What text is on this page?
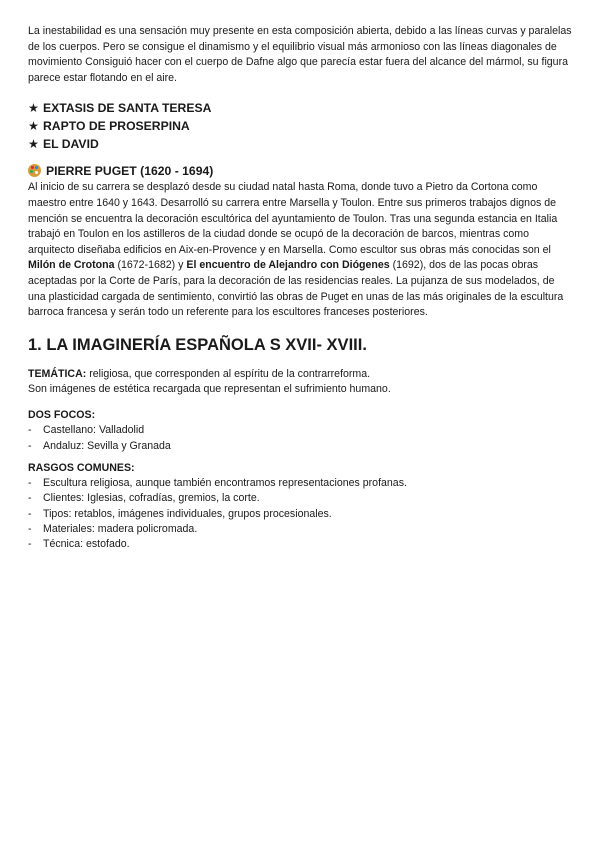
La inestabilidad es una sensación muy presente en esta composición abierta, debido a las líneas curvas y paralelas de los cuerpos. Pero se consigue el dinamismo y el equilibrio visual más armonioso con las líneas diagonales de movimiento Consiguió hacer con el cuerpo de Dafne algo que parecía estar fuera del alcance del mármol, su figura parece estar flotando en el aire.

★ EXTASIS DE SANTA TERESA
★ RAPTO DE PROSERPINA
★ EL DAVID
PIERRE PUGET (1620 - 1694)

Al inicio de su carrera se desplazó desde su ciudad natal hasta Roma, donde tuvo a Pietro da Cortona como maestro entre 1640 y 1643. Desarrolló su carrera entre Marsella y Toulon. Entre sus primeros trabajos dignos de mención se encuentra la decoración escultórica del ayuntamiento de Toulon. Tras una segunda estancia en Italia trabajó en Toulon en los astilleros de la ciudad donde se ocupó de la decoración de barcos, mientras como arquitecto diseñaba edificios en Aix-en-Provence y en Marsella. Como escultor sus obras más conocidas son el Milón de Crotona (1672-1682) y El encuentro de Alejandro con Diógenes (1692), dos de las pocas obras aceptadas por la Corte de París, para la decoración de las residencias reales. La pujanza de sus modelados, de una plasticidad cargada de sentimiento, convirtió las obras de Puget en unas de las más originales de la escultura barroca francesa y serán todo un referente para los escultores franceses posteriores.

1. LA IMAGINERÍA ESPAÑOLA S XVII- XVIII.

TEMÁTICA: religiosa, que corresponden al espíritu de la contrarreforma.

Son imágenes de estética recargada que representan el sufrimiento humano.

DOS FOCOS:

- Castellano: Valladolid
- Andaluz: Sevilla y Granada

RASGOS COMUNES:

- Escultura religiosa, aunque también encontramos representaciones profanas.
- Clientes: Iglesias, cofradías, gremios, la corte.
- Tipos: retablos, imágenes individuales, grupos procesionales.
- Materiales: madera policromada.
- Técnica: estofado.
